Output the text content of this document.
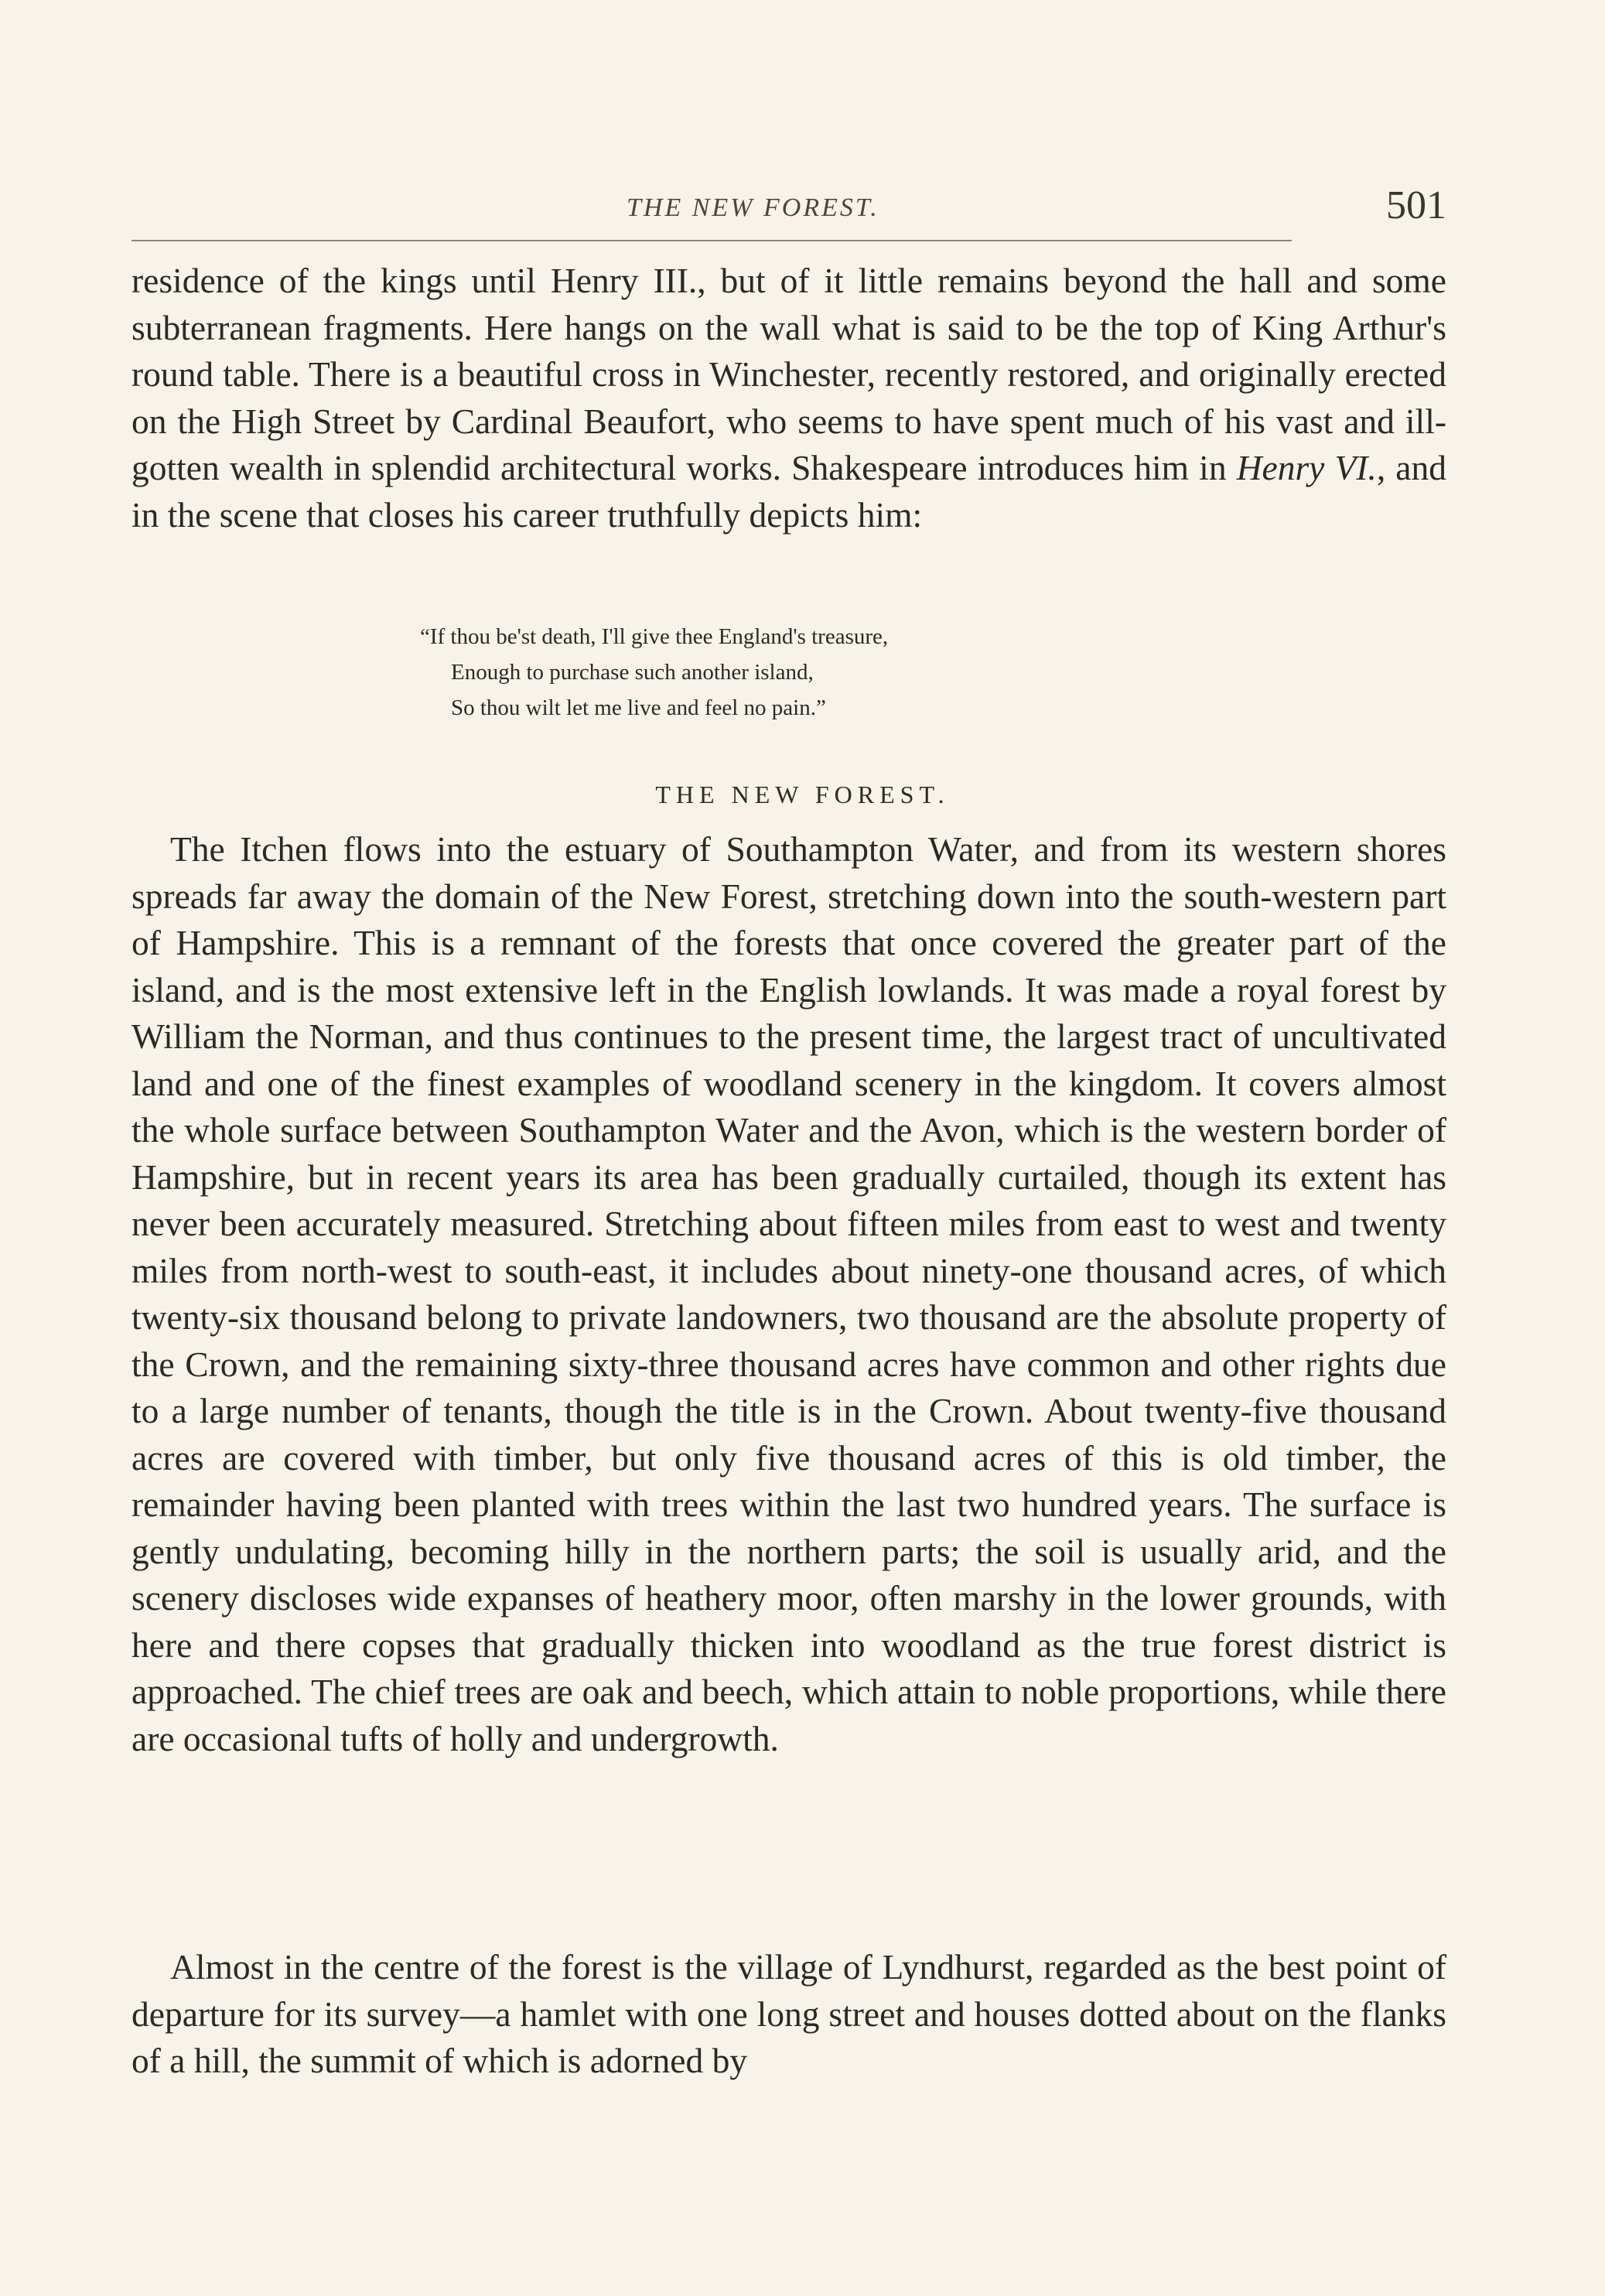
THE NEW FOREST.	501

residence of the kings until Henry III., but of it little remains beyond the hall and some subterranean fragments. Here hangs on the wall what is said to be the top of King Arthur's round table. There is a beautiful cross in Winchester, recently restored, and originally erected on the High Street by Cardinal Beaufort, who seems to have spent much of his vast and ill-gotten wealth in splendid architectural works. Shakespeare introduces him in Henry VI., and in the scene that closes his career truthfully depicts him:

“If thou be'st death, I'll give thee England's treasure,
Enough to purchase such another island,
So thou wilt let me live and feel no pain.”
THE NEW FOREST.

The Itchen flows into the estuary of Southampton Water, and from its western shores spreads far away the domain of the New Forest, stretching down into the south-western part of Hampshire. This is a remnant of the forests that once covered the greater part of the island, and is the most extensive left in the English lowlands. It was made a royal forest by William the Norman, and thus continues to the present time, the largest tract of uncultivated land and one of the finest examples of woodland scenery in the kingdom. It covers almost the whole surface between Southampton Water and the Avon, which is the western border of Hampshire, but in recent years its area has been gradually curtailed, though its extent has never been accurately measured. Stretching about fifteen miles from east to west and twenty miles from north-west to south-east, it includes about ninety-one thousand acres, of which twenty-six thousand belong to private landowners, two thousand are the absolute property of the Crown, and the remaining sixty-three thousand acres have common and other rights due to a large number of tenants, though the title is in the Crown. About twenty-five thousand acres are covered with timber, but only five thousand acres of this is old timber, the remainder having been planted with trees within the last two hundred years. The surface is gently undulating, becoming hilly in the northern parts; the soil is usually arid, and the scenery discloses wide expanses of heathery moor, often marshy in the lower grounds, with here and there copses that gradually thicken into woodland as the true forest district is approached. The chief trees are oak and beech, which attain to noble proportions, while there are occasional tufts of holly and undergrowth.

Almost in the centre of the forest is the village of Lyndhurst, regarded as the best point of departure for its survey—a hamlet with one long street and houses dotted about on the flanks of a hill, the summit of which is adorned by
